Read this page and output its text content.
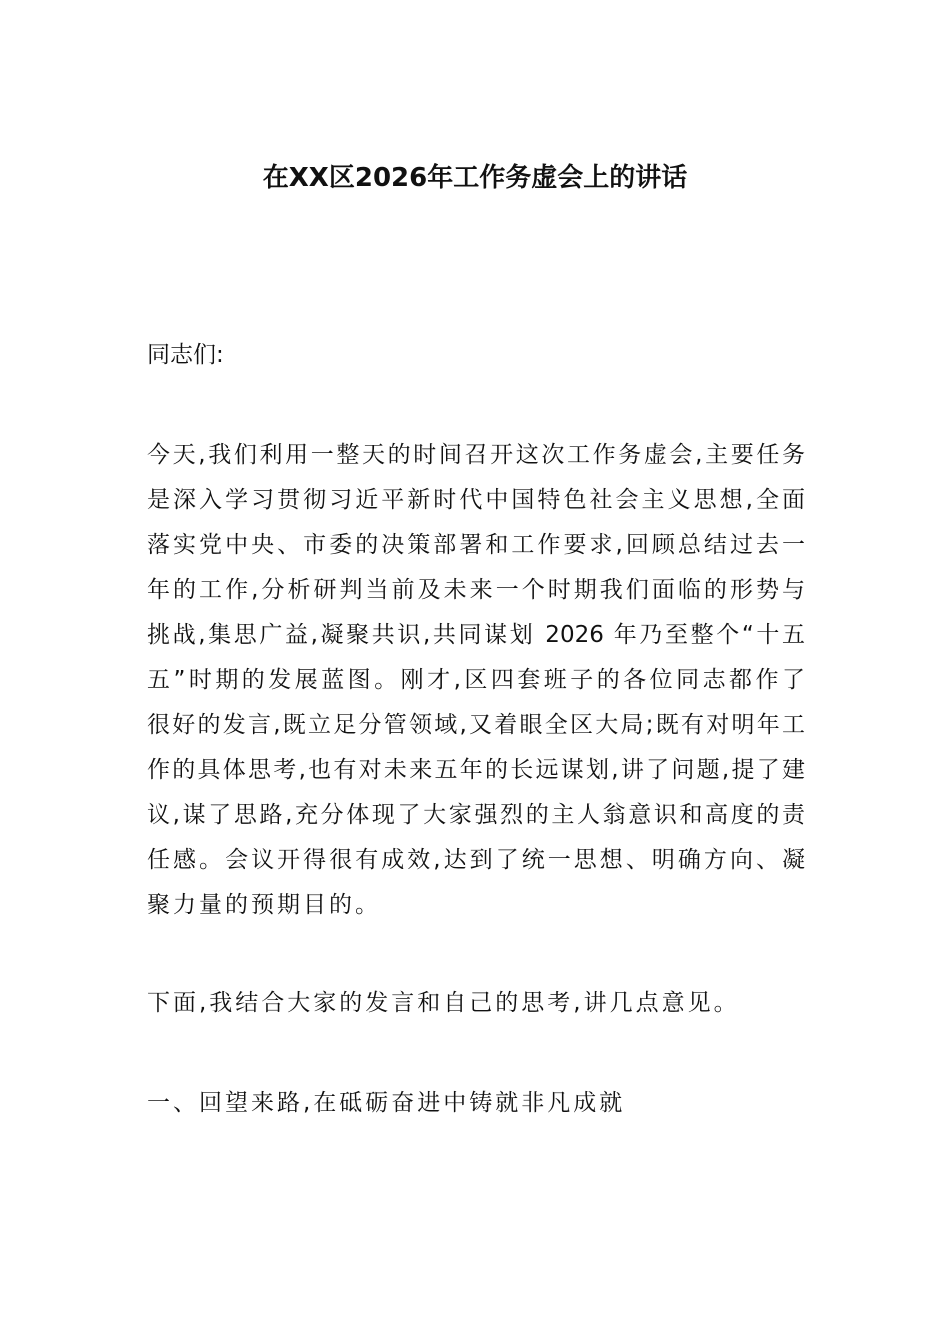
在XX区2026年工作务虚会上的讲话
同志们:
今天,我们利用一整天的时间召开这次工作务虚会,主要任务
是深入学习贯彻习近平新时代中国特色社会主义思想,全面
落实党中央、市委的决策部署和工作要求,回顾总结过去一
年的工作,分析研判当前及未来一个时期我们面临的形势与
挑战,集思广益,凝聚共识,共同谋划 2026 年乃至整个“十五
五”时期的发展蓝图。刚才,区四套班子的各位同志都作了
很好的发言,既立足分管领域,又着眼全区大局;既有对明年工
作的具体思考,也有对未来五年的长远谋划,讲了问题,提了建
议,谋了思路,充分体现了大家强烈的主人翁意识和高度的责
任感。会议开得很有成效,达到了统一思想、明确方向、凝
聚力量的预期目的。
下面,我结合大家的发言和自己的思考,讲几点意见。
一、回望来路,在砥砺奋进中铸就非凡成就
